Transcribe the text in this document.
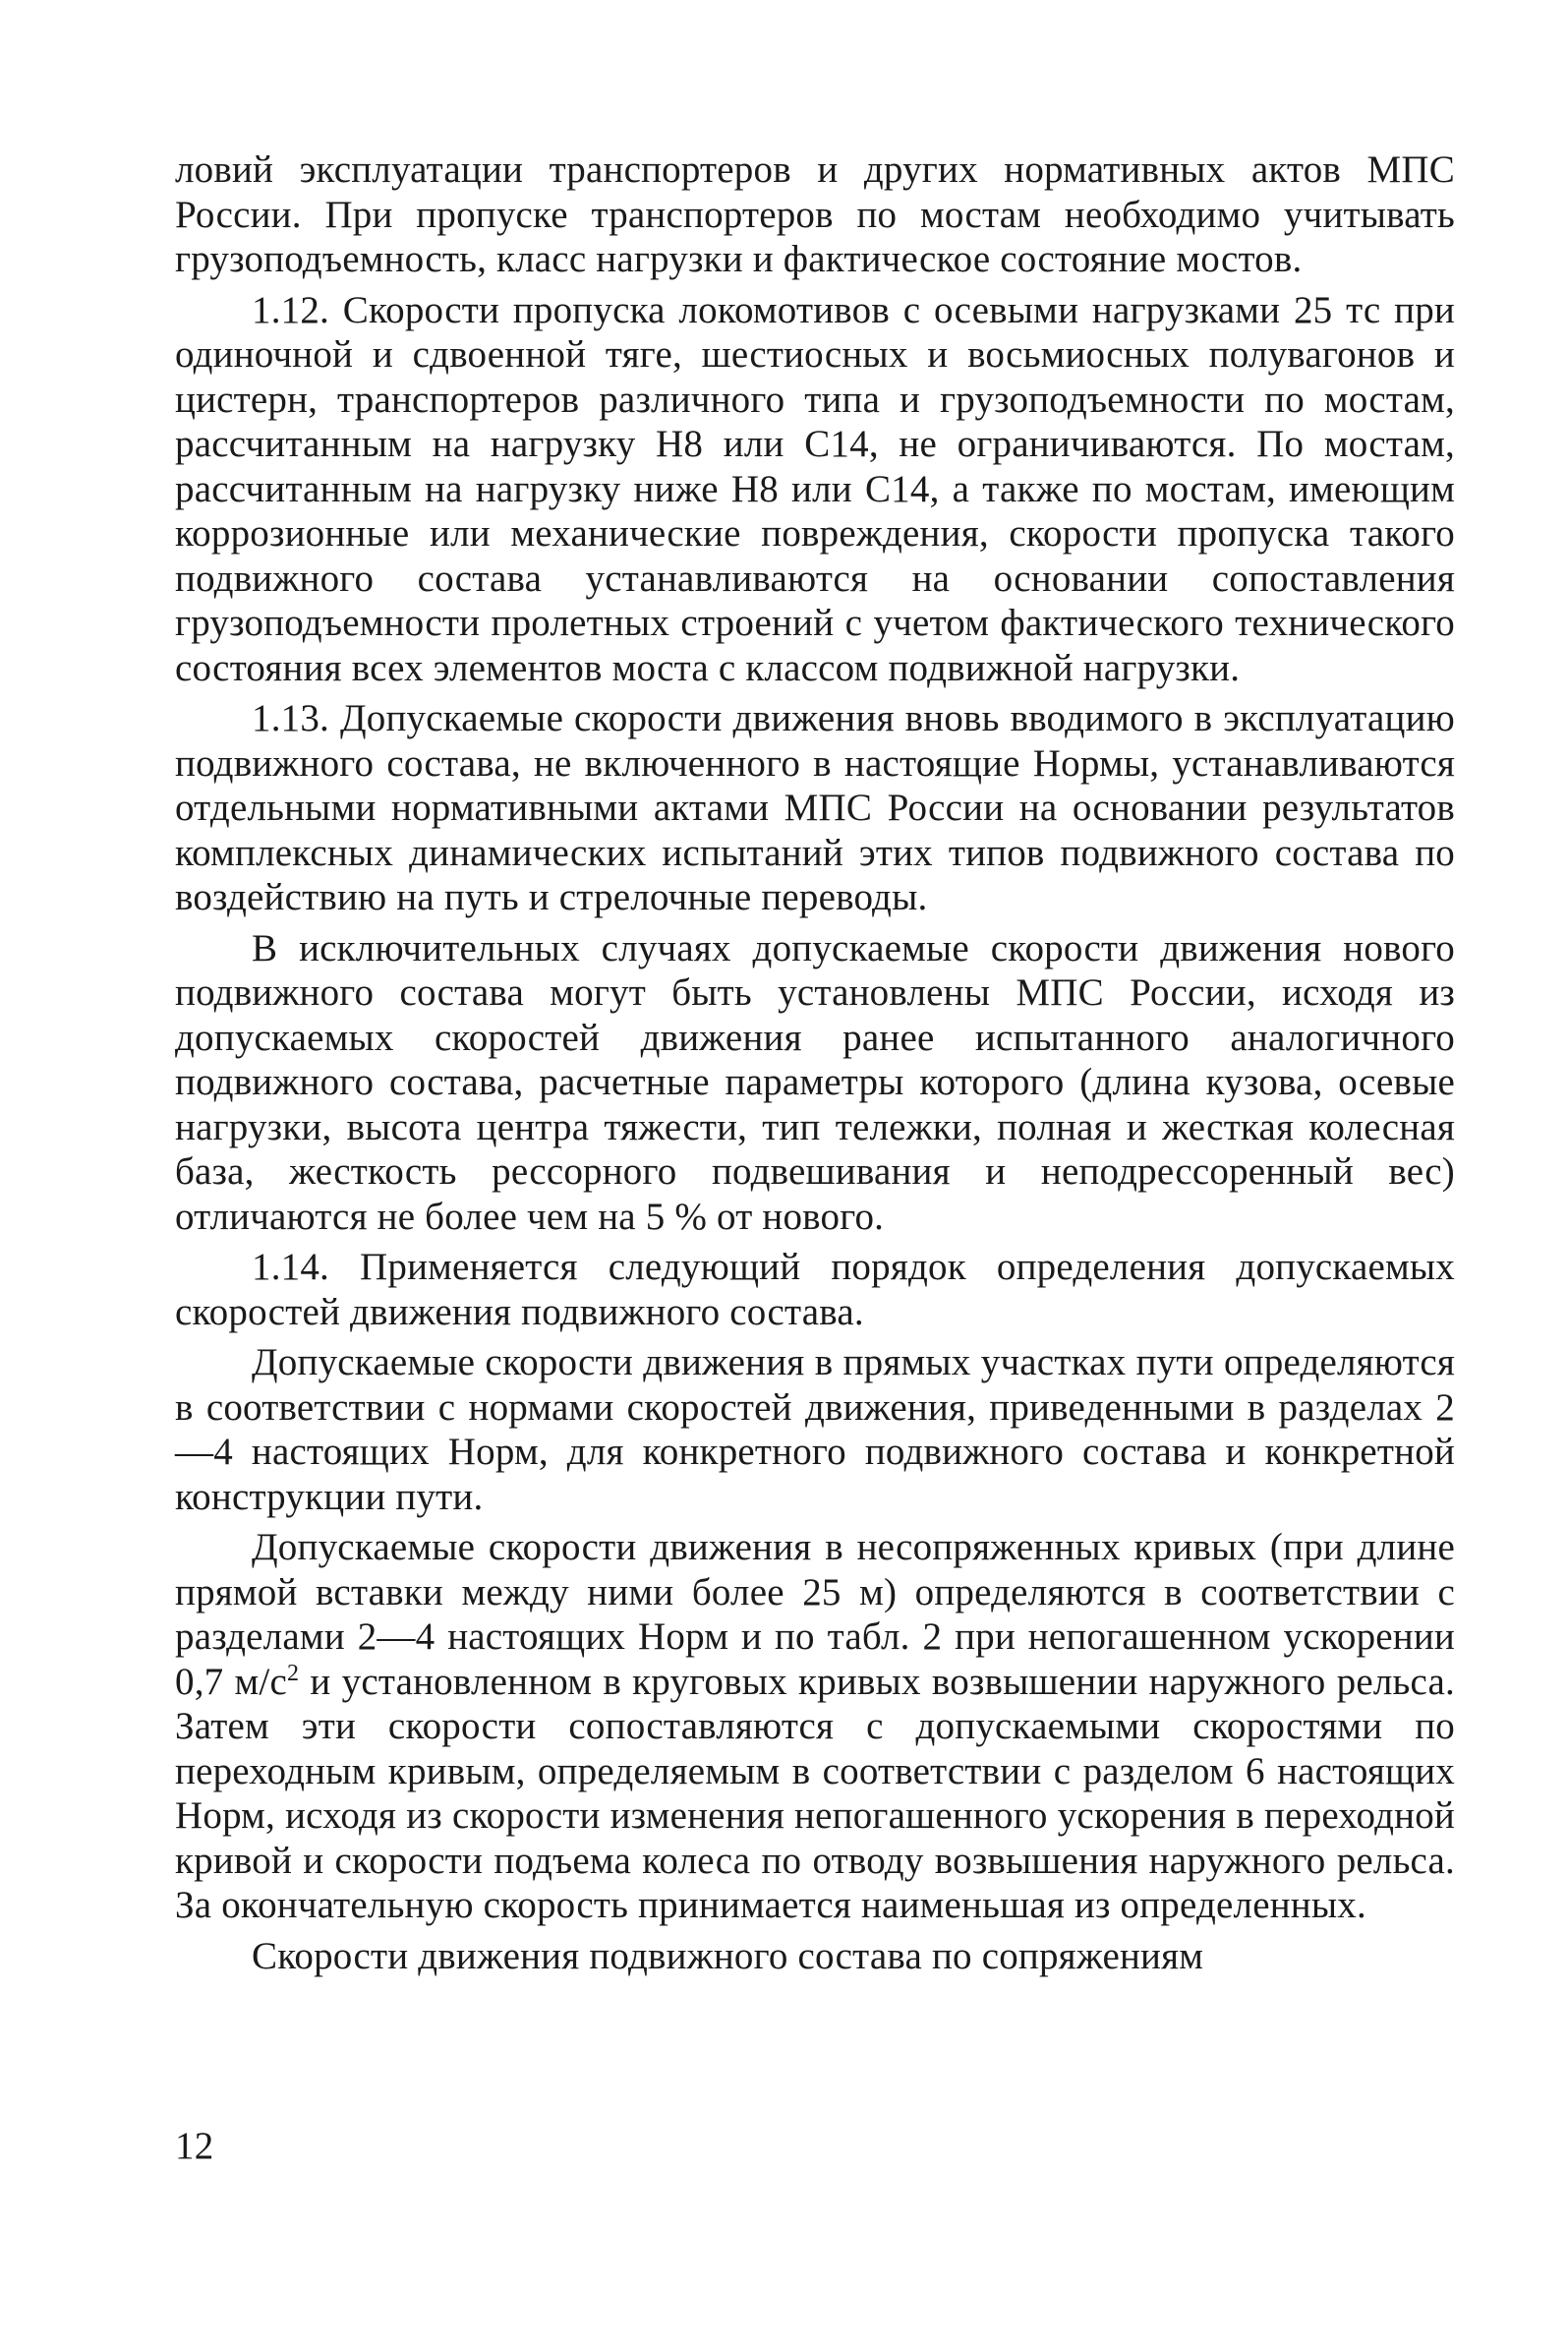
ловий эксплуатации транспортеров и других нормативных актов МПС России. При пропуске транспортеров по мостам необходимо учитывать грузоподъемность, класс нагрузки и фактическое состояние мостов.

1.12. Скорости пропуска локомотивов с осевыми нагрузками 25 тс при одиночной и сдвоенной тяге, шестиосных и восьмиосных полувагонов и цистерн, транспортеров различного типа и грузоподъемности по мостам, рассчитанным на нагрузку Н8 или С14, не ограничиваются. По мостам, рассчитанным на нагрузку ниже Н8 или С14, а также по мостам, имеющим коррозионные или механические повреждения, скорости пропуска такого подвижного состава устанавливаются на основании сопоставления грузоподъемности пролетных строений с учетом фактического технического состояния всех элементов моста с классом подвижной нагрузки.

1.13. Допускаемые скорости движения вновь вводимого в эксплуатацию подвижного состава, не включенного в настоящие Нормы, устанавливаются отдельными нормативными актами МПС России на основании результатов комплексных динамических испытаний этих типов подвижного состава по воздействию на путь и стрелочные переводы.

В исключительных случаях допускаемые скорости движения нового подвижного состава могут быть установлены МПС России, исходя из допускаемых скоростей движения ранее испытанного аналогичного подвижного состава, расчетные параметры которого (длина кузова, осевые нагрузки, высота центра тяжести, тип тележки, полная и жесткая колесная база, жесткость рессорного подвешивания и неподрессоренный вес) отличаются не более чем на 5 % от нового.

1.14. Применяется следующий порядок определения допускаемых скоростей движения подвижного состава.

Допускаемые скорости движения в прямых участках пути определяются в соответствии с нормами скоростей движения, приведенными в разделах 2—4 настоящих Норм, для конкретного подвижного состава и конкретной конструкции пути.

Допускаемые скорости движения в несопряженных кривых (при длине прямой вставки между ними более 25 м) определяются в соответствии с разделами 2—4 настоящих Норм и по табл. 2 при непогашенном ускорении 0,7 $м/с^2$ и установленном в круговых кривых возвышении наружного рельса. Затем эти скорости сопоставляются с допускаемыми скоростями по переходным кривым, определяемым в соответствии с разделом 6 настоящих Норм, исходя из скорости изменения непогашенного ускорения в переходной кривой и скорости подъема колеса по отводу возвышения наружного рельса. За окончательную скорость принимается наименьшая из определенных.

Скорости движения подвижного состава по сопряжениям

12
